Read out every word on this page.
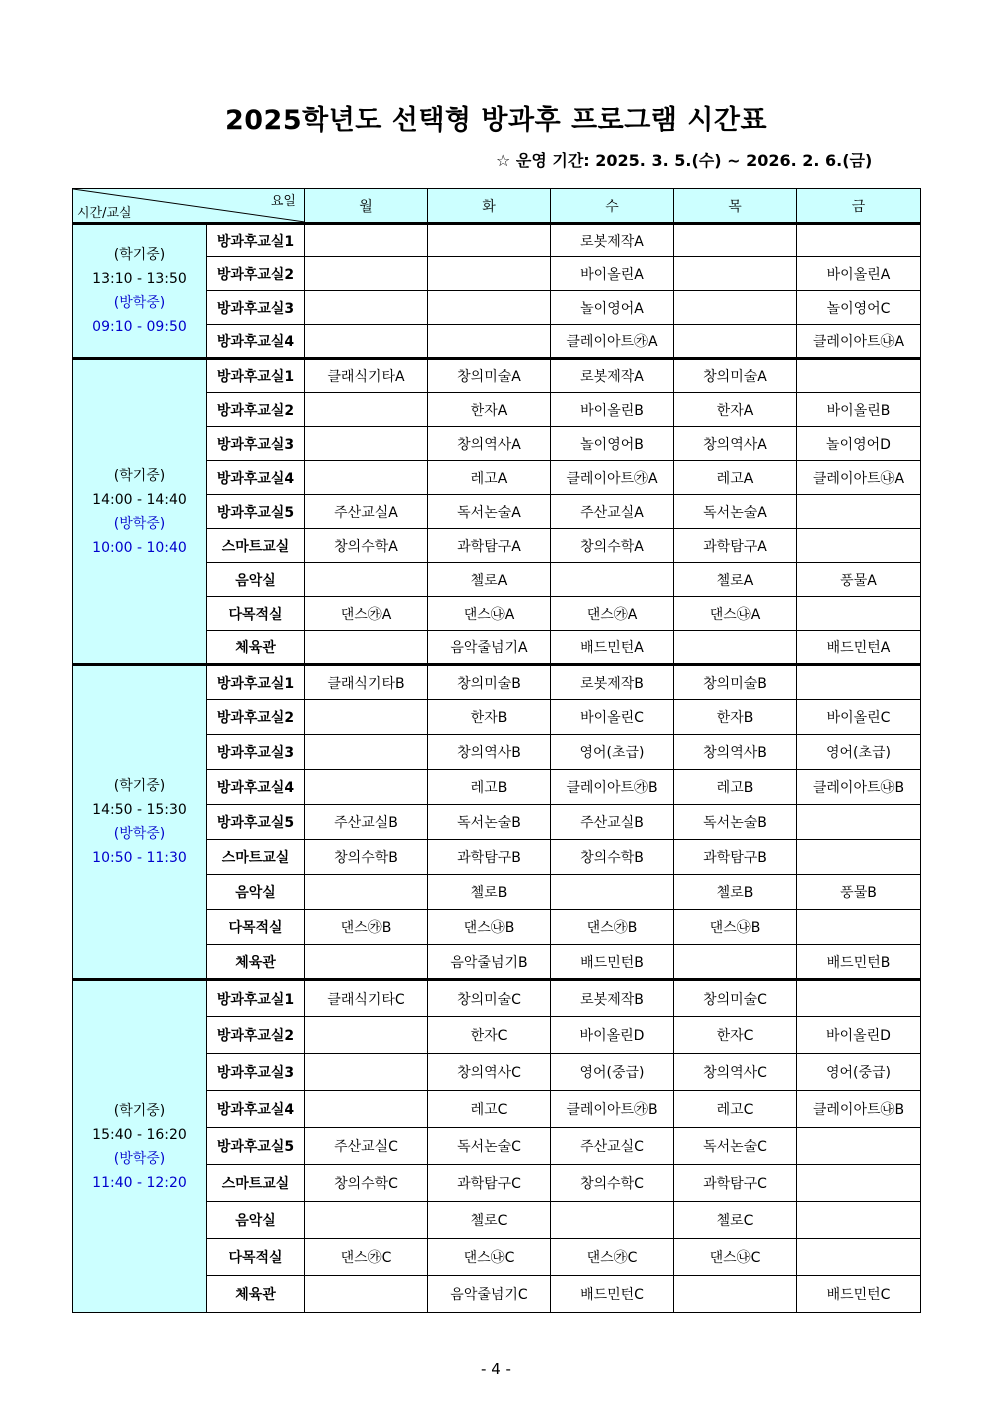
2025학년도 선택형 방과후 프로그램 시간표
☆ 운영 기간: 2025. 3. 5.(수) ~ 2026. 2. 6.(금)
요일
시간/교실		월	화	수	목	금

(학기중)
13:10 - 13:50
(방학중)
09:10 - 09:50	방과후교실1			로봇제작A		
	방과후교실2			바이올린A		바이올린A
	방과후교실3			놀이영어A		놀이영어C
	방과후교실4			클레이아트㉮A		클레이아트㉯A

(학기중)
14:00 - 14:40
(방학중)
10:00 - 10:40	방과후교실1	클래식기타A	창의미술A	로봇제작A	창의미술A	
	방과후교실2		한자A	바이올린B	한자A	바이올린B
	방과후교실3		창의역사A	놀이영어B	창의역사A	놀이영어D
	방과후교실4		레고A	클레이아트㉮A	레고A	클레이아트㉯A
	방과후교실5	주산교실A	독서논술A	주산교실A	독서논술A	
	스마트교실	창의수학A	과학탐구A	창의수학A	과학탐구A	
	음악실		첼로A		첼로A	풍물A
	다목적실	댄스㉮A	댄스㉯A	댄스㉮A	댄스㉯A	
	체육관		음악줄넘기A	배드민턴A		배드민턴A

(학기중)
14:50 - 15:30
(방학중)
10:50 - 11:30	방과후교실1	클래식기타B	창의미술B	로봇제작B	창의미술B	
	방과후교실2		한자B	바이올린C	한자B	바이올린C
	방과후교실3		창의역사B	영어(초급)	창의역사B	영어(초급)
	방과후교실4		레고B	클레이아트㉮B	레고B	클레이아트㉯B
	방과후교실5	주산교실B	독서논술B	주산교실B	독서논술B	
	스마트교실	창의수학B	과학탐구B	창의수학B	과학탐구B	
	음악실		첼로B		첼로B	풍물B
	다목적실	댄스㉮B	댄스㉯B	댄스㉮B	댄스㉯B	
	체육관		음악줄넘기B	배드민턴B		배드민턴B

(학기중)
15:40 - 16:20
(방학중)
11:40 - 12:20	방과후교실1	클래식기타C	창의미술C	로봇제작B	창의미술C	
	방과후교실2		한자C	바이올린D	한자C	바이올린D
	방과후교실3		창의역사C	영어(중급)	창의역사C	영어(중급)
	방과후교실4		레고C	클레이아트㉮B	레고C	클레이아트㉯B
	방과후교실5	주산교실C	독서논술C	주산교실C	독서논술C	
	스마트교실	창의수학C	과학탐구C	창의수학C	과학탐구C	
	음악실		첼로C		첼로C	
	다목적실	댄스㉮C	댄스㉯C	댄스㉮C	댄스㉯C	
	체육관		음악줄넘기C	배드민턴C		배드민턴C
- 4 -
